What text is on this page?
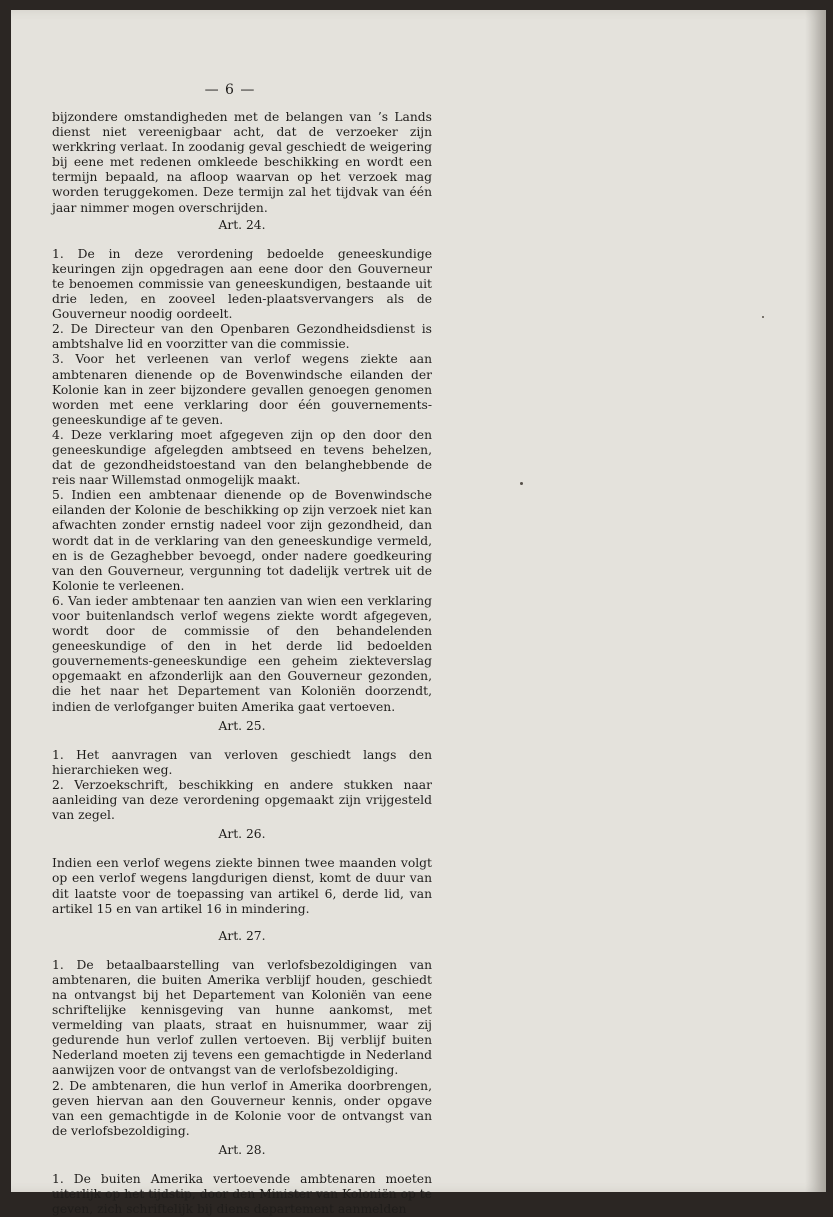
— 6 —

bijzondere omstandigheden met de belangen van ’s Lands dienst niet vereenigbaar acht, dat de verzoeker zijn werkkring verlaat. In zoodanig geval geschiedt de weigering bij eene met redenen omkleede beschikking en wordt een termijn bepaald, na afloop waarvan op het verzoek mag worden teruggekomen. Deze termijn zal het tijdvak van één jaar nimmer mogen overschrijden.

Art. 24.

1. De in deze verordening bedoelde geneeskundige keuringen zijn opgedragen aan eene door den Gouverneur te benoemen commissie van geneeskundigen, bestaande uit drie leden, en zooveel leden-plaatsvervangers als de Gouverneur noodig oordeelt.

2. De Directeur van den Openbaren Gezondheidsdienst is ambtshalve lid en voorzitter van die commissie.

3. Voor het verleenen van verlof wegens ziekte aan ambtenaren dienende op de Bovenwindsche eilanden der Kolonie kan in zeer bijzondere gevallen genoegen genomen worden met eene verklaring door één gouvernements-geneeskundige af te geven.

4. Deze verklaring moet afgegeven zijn op den door den geneeskundige afgelegden ambtseed en tevens behelzen, dat de gezondheidstoestand van den belanghebbende de reis naar Willemstad onmogelijk maakt.

5. Indien een ambtenaar dienende op de Bovenwindsche eilanden der Kolonie de beschikking op zijn verzoek niet kan afwachten zonder ernstig nadeel voor zijn gezondheid, dan wordt dat in de verklaring van den geneeskundige vermeld, en is de Gezaghebber bevoegd, onder nadere goedkeuring van den Gouverneur, vergunning tot dadelijk vertrek uit de Kolonie te verleenen.

6. Van ieder ambtenaar ten aanzien van wien een verklaring voor buitenlandsch verlof wegens ziekte wordt afgegeven, wordt door de commissie of den behandelenden geneeskundige of den in het derde lid bedoelden gouvernements-geneeskundige een geheim ziekteverslag opgemaakt en afzonderlijk aan den Gouverneur gezonden, die het naar het Departement van Koloniën doorzendt, indien de verlofganger buiten Amerika gaat vertoeven.

Art. 25.

1. Het aanvragen van verloven geschiedt langs den hierarchieken weg.

2. Verzoekschrift, beschikking en andere stukken naar aanleiding van deze verordening opgemaakt zijn vrijgesteld van zegel.

Art. 26.

Indien een verlof wegens ziekte binnen twee maanden volgt op een verlof wegens langdurigen dienst, komt de duur van dit laatste voor de toepassing van artikel 6, derde lid, van artikel 15 en van artikel 16 in mindering.

Art. 27.

1. De betaalbaarstelling van verlofsbezoldigingen van ambtenaren, die buiten Amerika verblijf houden, geschiedt na ontvangst bij het Departement van Koloniën van eene schriftelijke kennisgeving van hunne aankomst, met vermelding van plaats, straat en huisnummer, waar zij gedurende hun verlof zullen vertoeven. Bij verblijf buiten Nederland moeten zij tevens een gemachtigde in Nederland aanwijzen voor de ontvangst van de verlofsbezoldiging.

2. De ambtenaren, die hun verlof in Amerika doorbrengen, geven hiervan aan den Gouverneur kennis, onder opgave van een gemachtigde in de Kolonie voor de ontvangst van de verlofsbezoldiging.

Art. 28.

1. De buiten Amerika vertoevende ambtenaren moeten uiterlijk op het tijdstip, door den Minister van Koloniën op te geven, zich schriftelijk bij diens departement aanmelden
